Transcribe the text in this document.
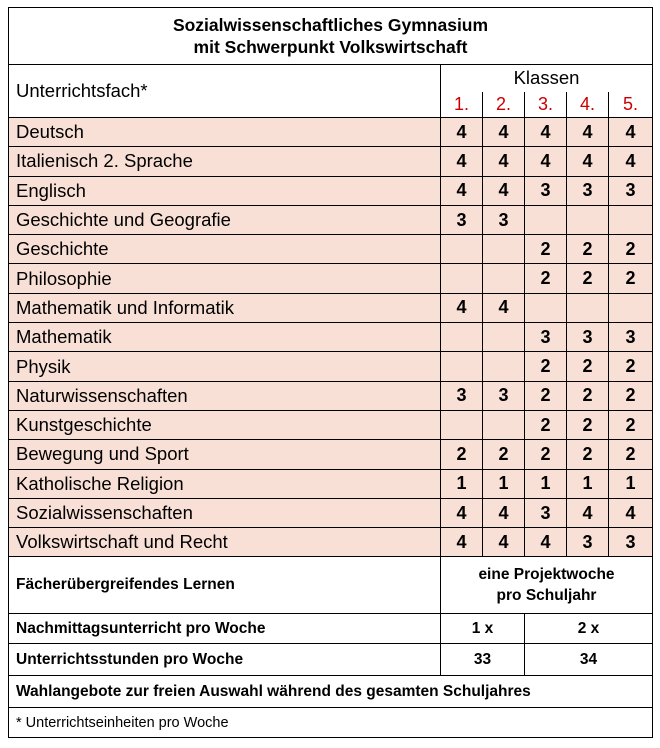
Sozialwissenschaftliches Gymnasium
mit Schwerpunkt Volkswirtschaft					

Unterrichtsfach*	Klassen				
	1.	2.	3.	4.	5.
Deutsch	4	4	4	4	4
Italienisch 2. Sprache	4	4	4	4	4
Englisch	4	4	3	3	3
Geschichte und Geografie	3	3			
Geschichte			2	2	2
Philosophie			2	2	2
Mathematik und Informatik	4	4			
Mathematik			3	3	3
Physik			2	2	2
Naturwissenschaften	3	3	2	2	2
Kunstgeschichte			2	2	2
Bewegung und Sport	2	2	2	2	2
Katholische Religion	1	1	1	1	1
Sozialwissenschaften	4	4	3	4	4
Volkswirtschaft und Recht	4	4	4	3	3
Fächerübergreifendes Lernen	eine Projektwoche
pro Schuljahr				

Nachmittagsunterricht pro Woche	1 x		2 x		
Unterrichtsstunden pro Woche	33		34		
Wahlangebote zur freien Auswahl während des gesamten Schuljahres					
* Unterrichtseinheiten pro Woche					
